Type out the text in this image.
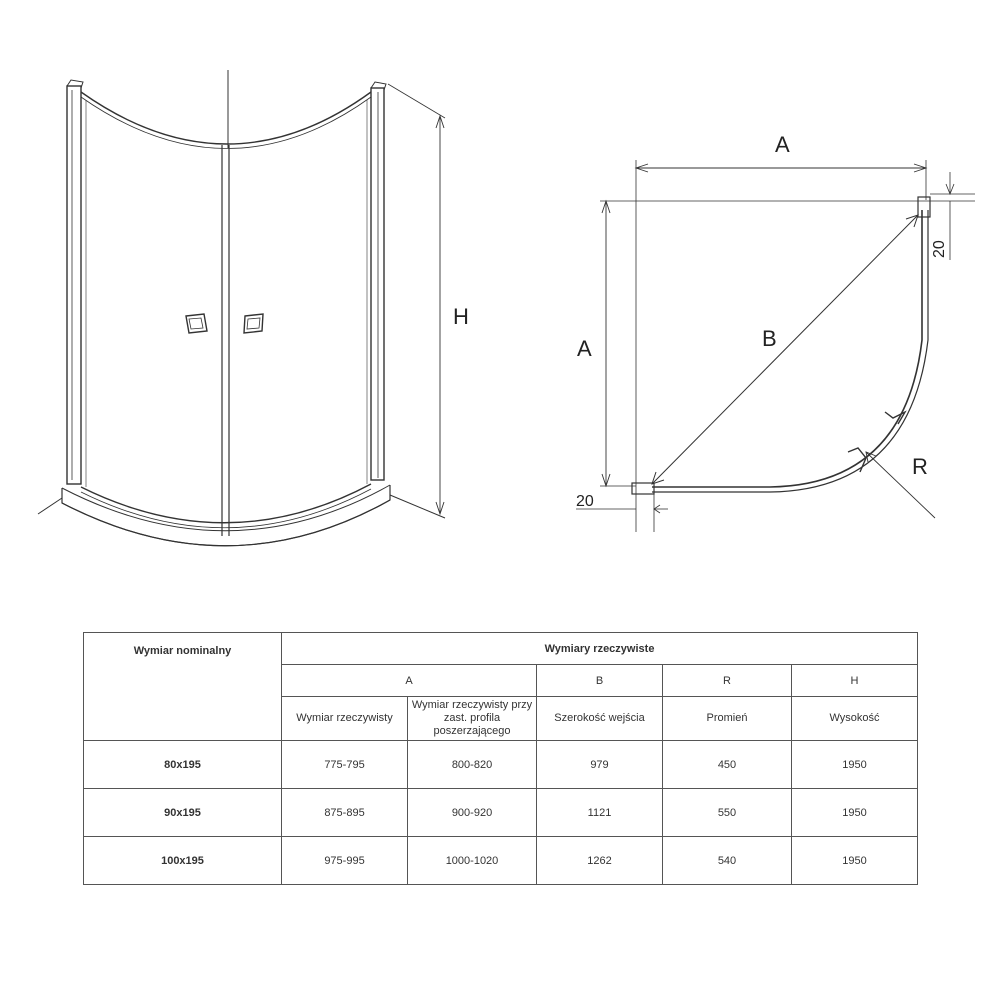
H
A
A	B
R
20
20
Wymiar nominalny	Wymiary rzeczywiste				
	A		B	R	H
	Wymiar rzeczywisty	Wymiar rzeczywisty przy zast. profila poszerzającego	Szerokość wejścia	Promień	Wysokość
80x195	775-795	800-820	979	450	1950
90x195	875-895	900-920	1121	550	1950
100x195	975-995	1000-1020	1262	540	1950
